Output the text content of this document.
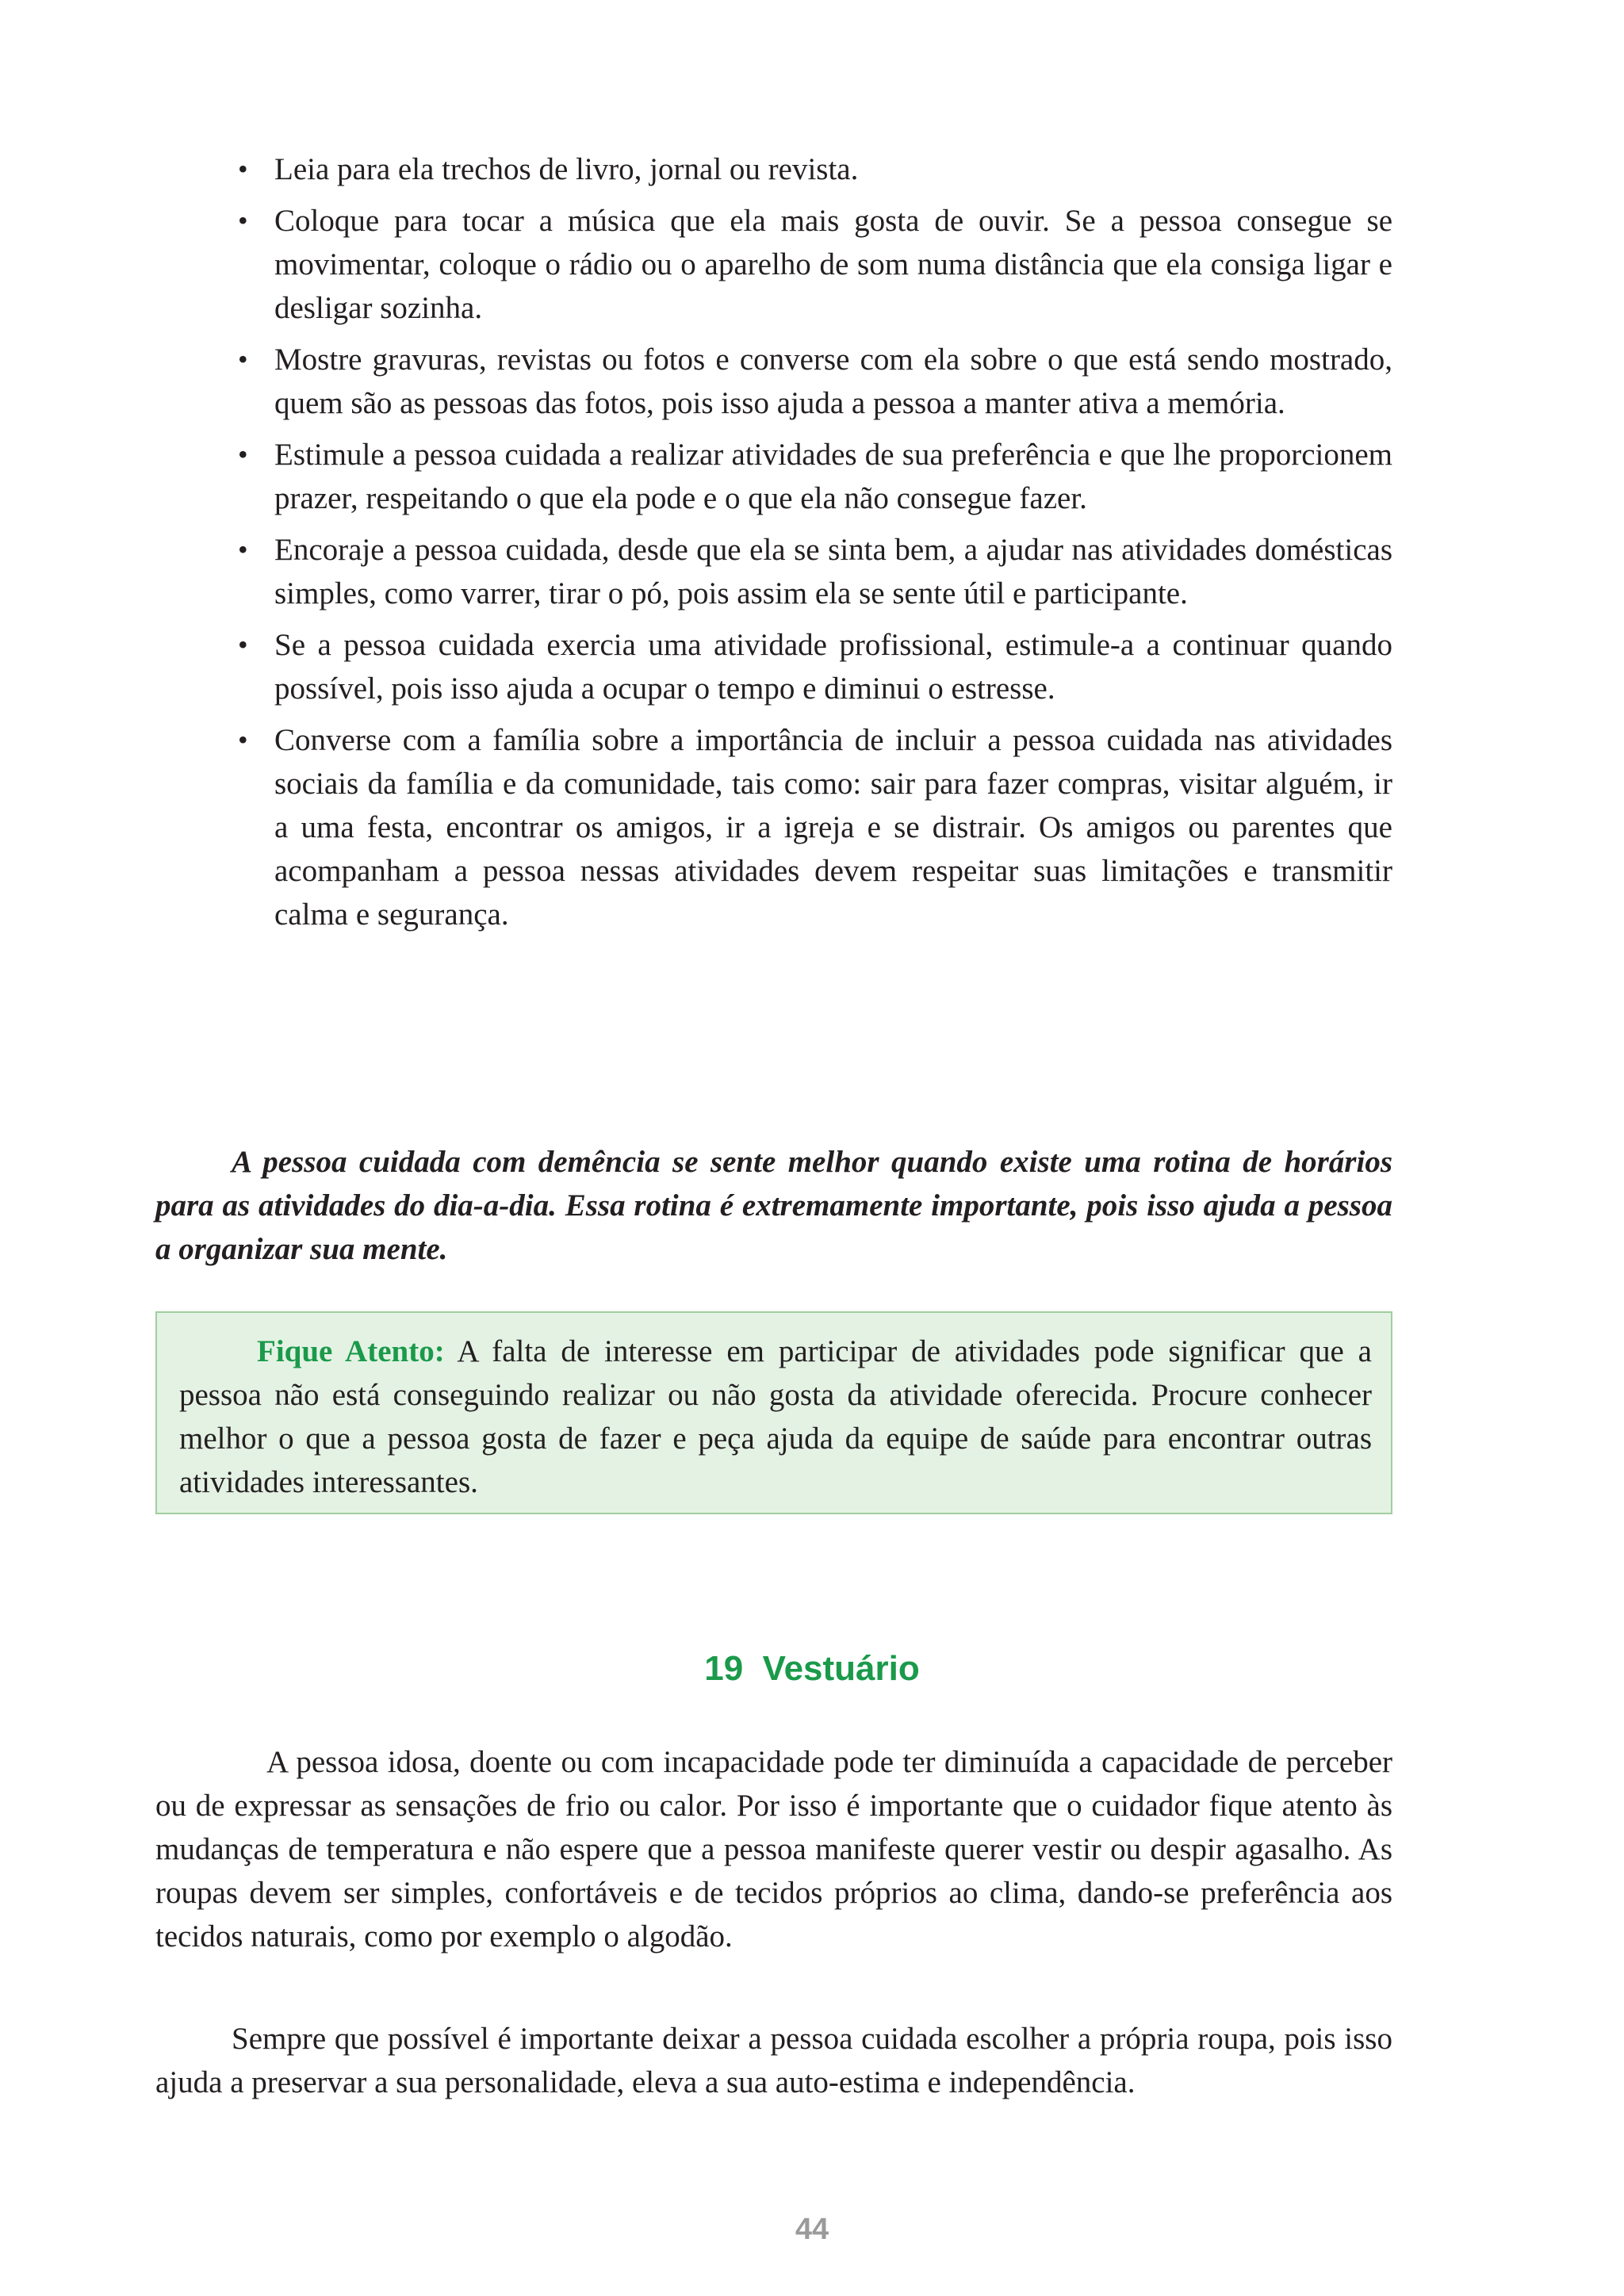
• Leia para ela trechos de livro, jornal ou revista.
• Coloque para tocar a música que ela mais gosta de ouvir. Se a pessoa consegue se movimentar, coloque o rádio ou o aparelho de som numa distância que ela consiga ligar e desligar sozinha.
• Mostre gravuras, revistas ou fotos e converse com ela sobre o que está sendo mostrado, quem são as pessoas das fotos, pois isso ajuda a pessoa a manter ativa a memória.
• Estimule a pessoa cuidada a realizar atividades de sua preferência e que lhe proporcionem prazer, respeitando o que ela pode e o que ela não consegue fazer.
• Encoraje a pessoa cuidada, desde que ela se sinta bem, a ajudar nas atividades domésticas simples, como varrer, tirar o pó, pois assim ela se sente útil e participante.
• Se a pessoa cuidada exercia uma atividade profissional, estimule-a a continuar quando possível, pois isso ajuda a ocupar o tempo e diminui o estresse.
• Converse com a família sobre a importância de incluir a pessoa cuidada nas atividades sociais da família e da comunidade, tais como: sair para fazer compras, visitar alguém, ir a uma festa, encontrar os amigos, ir a igreja e se distrair. Os amigos ou parentes que acompanham a pessoa nessas atividades devem respeitar suas limitações e transmitir calma e segurança.

A pessoa cuidada com demência se sente melhor quando existe uma rotina de horários para as atividades do dia-a-dia. Essa rotina é extremamente importante, pois isso ajuda a pessoa a organizar sua mente.

Fique Atento: A falta de interesse em participar de atividades pode significar que a pessoa não está conseguindo realizar ou não gosta da atividade oferecida. Procure conhecer melhor o que a pessoa gosta de fazer e peça ajuda da equipe de saúde para encontrar outras atividades interessantes.
19 Vestuário

A pessoa idosa, doente ou com incapacidade pode ter diminuída a capacidade de perceber ou de expressar as sensações de frio ou calor. Por isso é importante que o cuidador fique atento às mudanças de temperatura e não espere que a pessoa manifeste querer vestir ou despir agasalho. As roupas devem ser simples, confortáveis e de tecidos próprios ao clima, dando-se preferência aos tecidos naturais, como por exemplo o algodão.

Sempre que possível é importante deixar a pessoa cuidada escolher a própria roupa, pois isso ajuda a preservar a sua personalidade, eleva a sua auto-estima e independência.

44
